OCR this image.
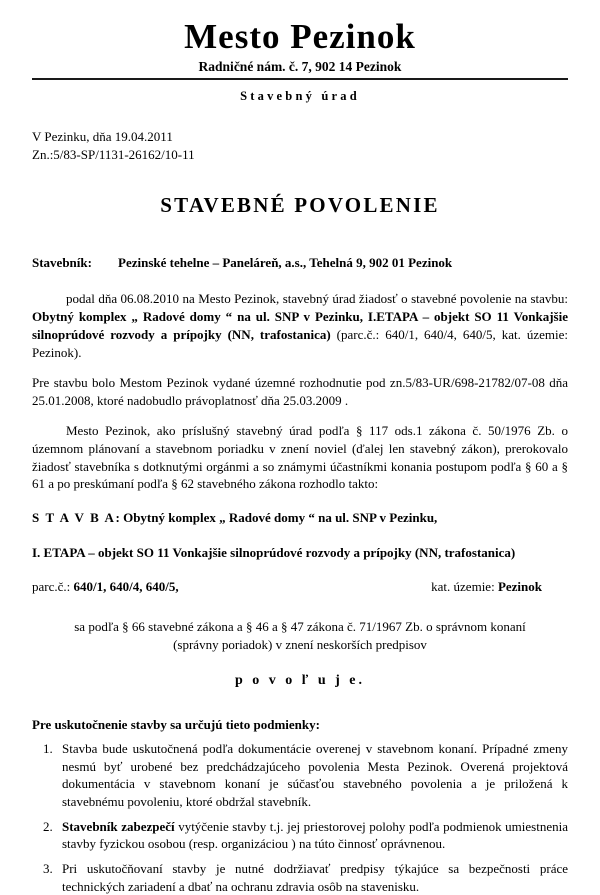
Mesto Pezinok
Radničné nám. č. 7, 902 14 Pezinok
Stavebný úrad
V Pezinku, dňa 19.04.2011
Zn.:5/83-SP/1131-26162/10-11
STAVEBNÉ POVOLENIE
Stavebník: Pezinské tehelne – Paneláreň, a.s., Tehelná 9, 902 01 Pezinok

podal dňa 06.08.2010 na Mesto Pezinok, stavebný úrad žiadosť o stavebné povolenie na stavbu: Obytný komplex „ Radové domy “ na ul. SNP v Pezinku, I.ETAPA – objekt SO 11 Vonkajšie silnoprúdové rozvody a prípojky (NN, trafostanica) (parc.č.: 640/1, 640/4, 640/5, kat. územie: Pezinok).

Pre stavbu bolo Mestom Pezinok vydané územné rozhodnutie pod zn.5/83-UR/698-21782/07-08 dňa 25.01.2008, ktoré nadobudlo právoplatnosť dňa 25.03.2009 .

Mesto Pezinok, ako príslušný stavebný úrad podľa § 117 ods.1 zákona č. 50/1976 Zb. o územnom plánovaní a stavebnom poriadku v znení noviel (ďalej len stavebný zákon), prerokovalo žiadosť stavebníka s dotknutými orgánmi a so známymi účastníkmi konania postupom podľa § 60 a § 61 a po preskúmaní podľa § 62 stavebného zákona rozhodlo takto:

S T A V B A: Obytný komplex „ Radové domy “ na ul. SNP v Pezinku,
I. ETAPA – objekt SO 11 Vonkajšie silnoprúdové rozvody a prípojky (NN, trafostanica)
parc.č.: 640/1, 640/4, 640/5,	kat. územie: Pezinok
sa podľa § 66 stavebné zákona a § 46 a § 47 zákona č. 71/1967 Zb. o správnom konaní
(správny poriadok) v znení neskorších predpisov
p o v o ľ u j e.
Pre uskutočnenie stavby sa určujú tieto podmienky:
1. Stavba bude uskutočnená podľa dokumentácie overenej v stavebnom konaní. Prípadné zmeny nesmú byť urobené bez predchádzajúceho povolenia Mesta Pezinok. Overená projektová dokumentácia v stavebnom konaní je súčasťou stavebného povolenia a je priložená k stavebnému povoleniu, ktoré obdržal stavebník.
2. Stavebník zabezpečí vytýčenie stavby t.j. jej priestorovej polohy podľa podmienok umiestnenia stavby fyzickou osobou (resp. organizáciou ) na túto činnosť oprávnenou.
3. Pri uskutočňovaní stavby je nutné dodržiavať predpisy týkajúce sa bezpečnosti práce technických zariadení a dbať na ochranu zdravia osôb na stavenisku.
